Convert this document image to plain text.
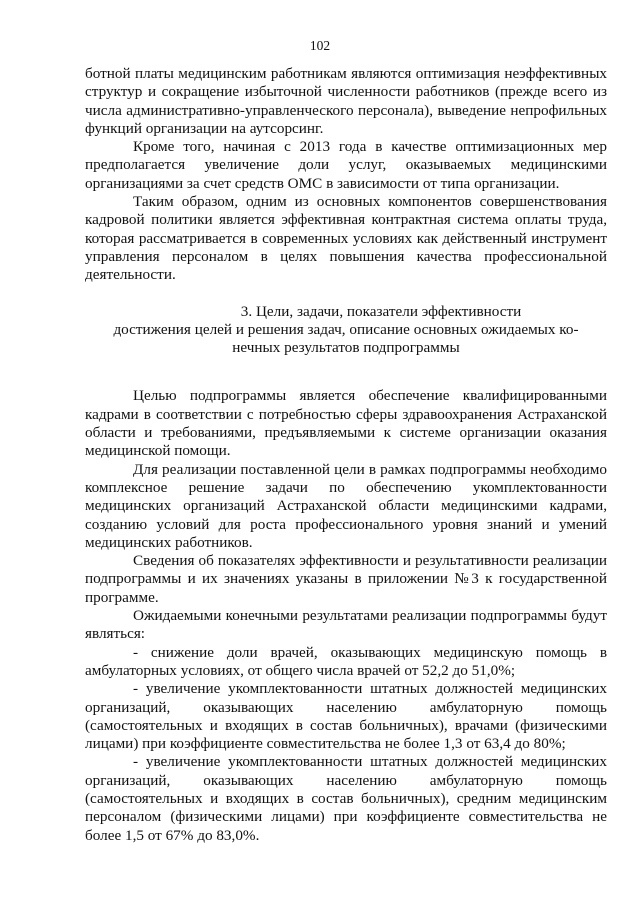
102

ботной платы медицинским работникам являются оптимизация неэффективных структур и сокращение избыточной численности работников (прежде всего из числа административно-управленческого персонала), выведение непрофильных функций организации на аутсорсинг.

Кроме того, начиная с 2013 года в качестве оптимизационных мер предполагается увеличение доли услуг, оказываемых медицинскими организациями за счет средств ОМС в зависимости от типа организации.

Таким образом, одним из основных компонентов совершенствования кадровой политики является эффективная контрактная система оплаты труда, которая рассматривается в современных условиях как действенный инструмент управления персоналом в целях повышения качества профессиональной деятельности.

3. Цели, задачи, показатели эффективности
достижения целей и решения задач, описание основных ожидаемых ко-
нечных результатов подпрограммы

Целью подпрограммы является обеспечение квалифицированными кадрами в соответствии с потребностью сферы здравоохранения Астраханской области и требованиями, предъявляемыми к системе организации оказания медицинской помощи.

Для реализации поставленной цели в рамках подпрограммы необходимо комплексное решение задачи по обеспечению укомплектованности медицинских организаций Астраханской области медицинскими кадрами, созданию условий для роста профессионального уровня знаний и умений медицинских работников.

Сведения об показателях эффективности и результативности реализации подпрограммы и их значениях указаны в приложении №3 к государственной программе.

Ожидаемыми конечными результатами реализации подпрограммы будут являться:

- снижение доли врачей, оказывающих медицинскую помощь в амбулаторных условиях, от общего числа врачей от 52,2 до 51,0%;

- увеличение укомплектованности штатных должностей медицинских организаций, оказывающих населению амбулаторную помощь (самостоятельных и входящих в состав больничных), врачами (физическими лицами) при коэффициенте совместительства не более 1,3 от 63,4 до 80%;

- увеличение укомплектованности штатных должностей медицинских организаций, оказывающих населению амбулаторную помощь (самостоятельных и входящих в состав больничных), средним медицинским персоналом (физическими лицами) при коэффициенте совместительства не более 1,5 от 67% до 83,0%.
